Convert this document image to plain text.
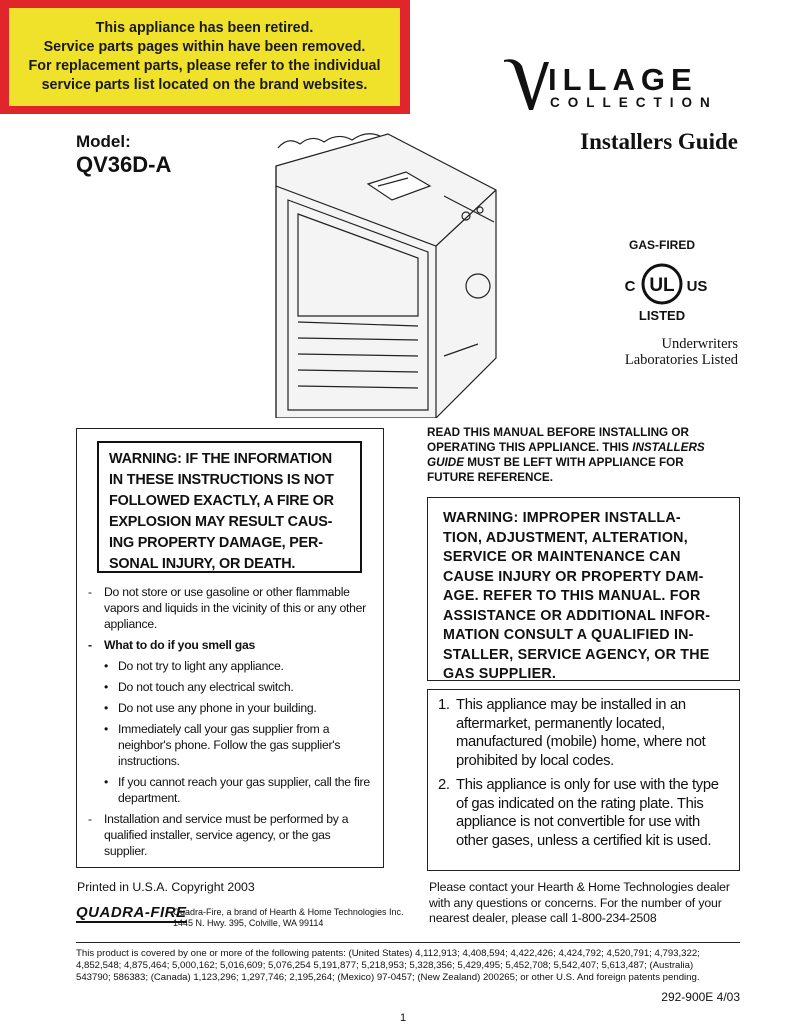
This appliance has been retired.
Service parts pages within have been removed.
For replacement parts, please refer to the individual
service parts list located on the brand websites.	ILLAGE
COLLECTION
Model:
QV36D-A
Installers Guide
GAS-FIRED
UL
C	US
LISTED
Underwriters
Laboratories Listed
WARNING: IF THE INFORMATION
IN THESE INSTRUCTIONS IS NOT
FOLLOWED EXACTLY, A FIRE OR
EXPLOSION MAY RESULT CAUS-
ING PROPERTY DAMAGE, PER-
SONAL INJURY, OR DEATH.
- Do not store or use gasoline or other flammable vapors and liquids in the vicinity of this or any other appliance.
- What to do if you smell gas
• Do not try to light any appliance.
• Do not touch any electrical switch.
• Do not use any phone in your building.
• Immediately call your gas supplier from a neighbor's phone. Follow the gas supplier's instructions.
• If you cannot reach your gas supplier, call the fire department.
- Installation and service must be performed by a qualified installer, service agency, or the gas supplier.
READ THIS MANUAL BEFORE INSTALLING OR
OPERATING THIS APPLIANCE. THIS INSTALLERS
GUIDE MUST BE LEFT WITH APPLIANCE FOR
FUTURE REFERENCE.
WARNING: IMPROPER INSTALLA-
TION, ADJUSTMENT, ALTERATION,
SERVICE OR MAINTENANCE CAN
CAUSE INJURY OR PROPERTY DAM-
AGE. REFER TO THIS MANUAL. FOR
ASSISTANCE OR ADDITIONAL INFOR-
MATION CONSULT A QUALIFIED IN-
STALLER, SERVICE AGENCY, OR THE
GAS SUPPLIER.
1. This appliance may be installed in an aftermarket, permanently located, manufactured (mobile) home, where not prohibited by local codes.
2. This appliance is only for use with the type of gas indicated on the rating plate. This appliance is not convertible for use with other gases, unless a certified kit is used.
Printed in U.S.A. Copyright 2003
QUADRA-FIRE
Quadra-Fire, a brand of Hearth & Home Technologies Inc.
1445 N. Hwy. 395, Colville, WA 99114
Please contact your Hearth & Home Technologies dealer
with any questions or concerns. For the number of your
nearest dealer, please call 1-800-234-2508
This product is covered by one or more of the following patents: (United States) 4,112,913; 4,408,594; 4,422,426; 4,424,792; 4,520,791; 4,793,322;
4,852,548; 4,875,464; 5,000,162; 5,016,609; 5,076,254 5,191,877; 5,218,953; 5,328,356; 5,429,495; 5,452,708; 5,542,407; 5,613,487; (Australia)
543790; 586383; (Canada) 1,123,296; 1,297,746; 2,195,264; (Mexico) 97-0457; (New Zealand) 200265; or other U.S. And foreign patents pending.
292-900E 4/03
1
